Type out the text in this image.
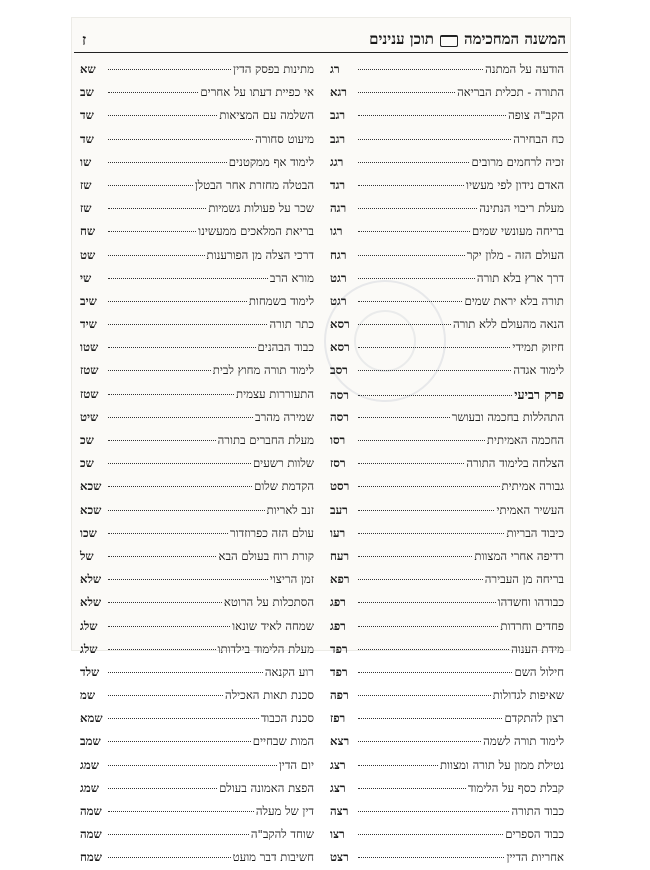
המשנה המחכימהתוכן ענינים
ז
הודעה על המתנה
רג
התורה - תכלית הבריאה
רגא
הקב"ה צופה
רגב
כח הבחירה
רגב
זכיה לרחמים מרובים
רגג
האדם נידון לפי מעשיו
רגד
מעלת ריבוי הנתינה
רגה
בריחה מעונשי שמים
רגו
העולם הזה - מלון יקר
רגח
דרך ארץ בלא תורה
רגט
תורה בלא יראת שמים
רגט
הנאה מהעולם ללא תורה
רסא
חיזוק תמידי
רסא
לימוד אגדה
רסב
פרק רביעי
רסה
התהללות בחכמה ובעושר
רסה
החכמה האמיתית
רסו
הצלחה בלימוד התורה
רסז
גבורה אמיתית
רסט
העשיר האמיתי
רעב
כיבוד הבריות
רעו
רדיפה אחרי המצוות
רעח
בריחה מן העבירה
רפא
כבודהו וחשדהו
רפג
פחדים וחרדות
רפג
מידת הענוה
רפד
חילול השם
רפד
שאיפות לגדולות
רפה
רצון להתקדם
רפז
לימוד תורה לשמה
רצא
נטילת ממון על תורה ומצוות
רצג
קבלת כסף על הלימוד
רצג
כבוד התורה
רצה
כבוד הספרים
רצו
אחריות הדיין
רצט
מתינות בפסק הדין
שא
אי כפיית דעתו על אחרים
שב
השלמה עם המציאות
שד
מיעוט סחורה
שד
לימוד אף ממקטנים
שו
הבטלה מחזרת אחר הבטלן
שז
שכר על פעולות גשמיות
שז
בריאת המלאכים ממעשינו
שח
דרכי הצלה מן הפורענות
שט
מורא הרב
שי
לימוד בשמחות
שיב
כתר תורה
שיד
כבוד הבהנים
שטו
לימוד תורה מחוץ לבית
שטז
התעוררות עצמית
שטז
שמירה מהרב
שיט
מעלת החברים בתורה
שכ
שלוות רשעים
שכ
הקדמת שלום
שכא
זנב לאריות
שכא
עולם הזה כפרוזדור
שכו
קורת רוח בעולם הבא
של
זמן הריצוי
שלא
הסתכלות על הרוטא
שלא
שמחה לאיד שונאו
שלג
מעלת הלימוד בילדותו
שלג
רוע הקנאה
שלד
סכנת תאות האכילה
שמ
סכנת הכבוד
שמא
המות שבחיים
שמב
יום הדין
שמג
הפצת האמונה בעולם
שמג
דין של מעלה
שמה
שוחד להקב"ה
שמה
חשיבות דבר מועט
שמח
